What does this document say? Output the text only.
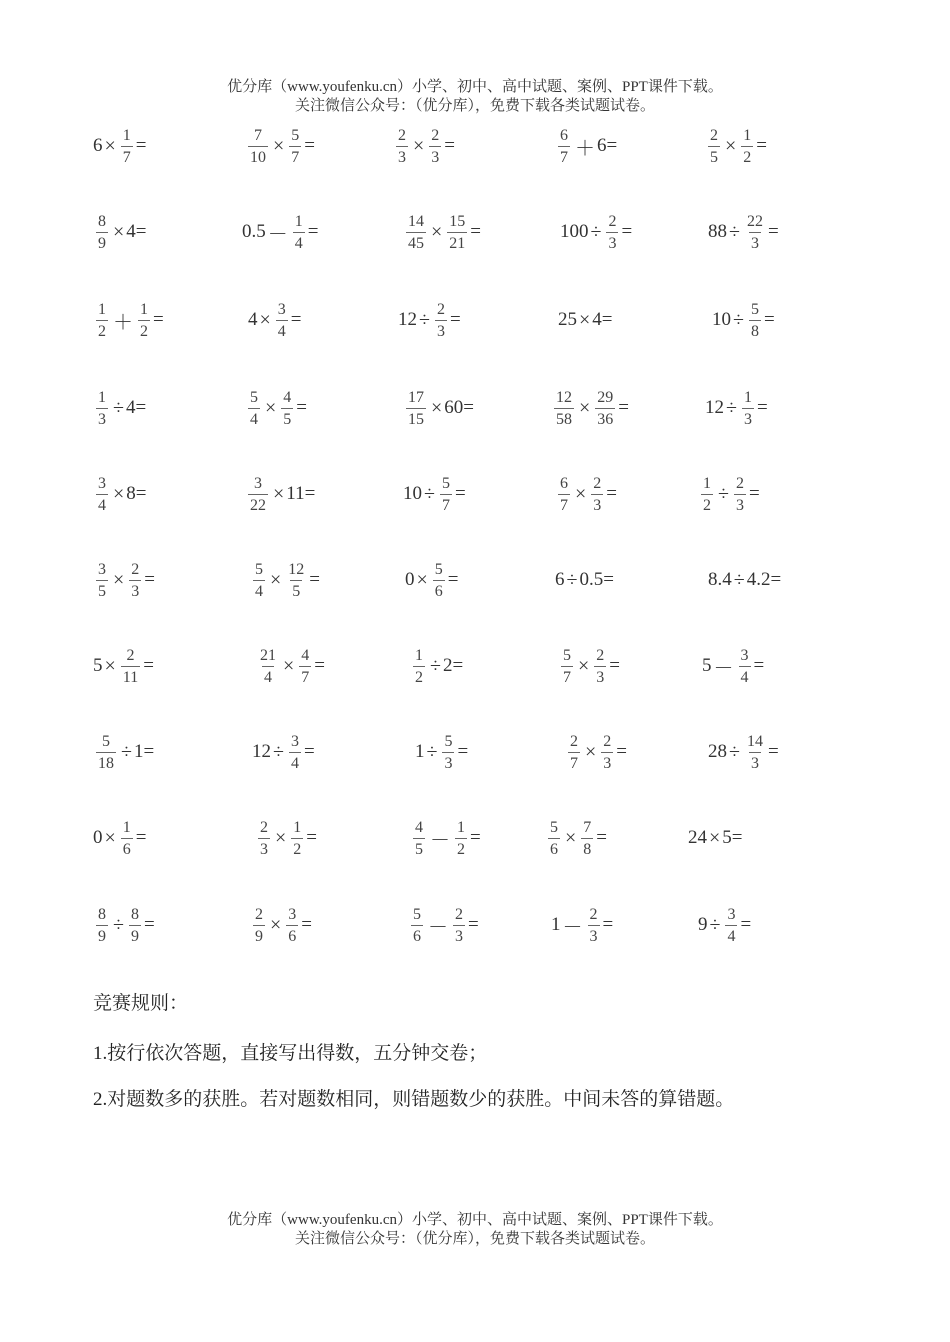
优分库（www.youfenku.cn）小学、初中、高中试题、案例、PPT课件下载。
关注微信公众号：（优分库），免费下载各类试题试卷。
$6 \times \frac{1}{7}$ =	$\frac{7}{10} \times \frac{5}{7}$ =	$\frac{2}{3} \times \frac{2}{3}$ =	$\frac{6}{7} + 6=$	$\frac{2}{5} \times \frac{1}{2}$ =
$\frac{8}{9} \times 4=$	$0.5 - \frac{1}{4}$ =	$\frac{14}{45} \times \frac{15}{21}$ =	$100 \div \frac{2}{3}$ =	$88 \div \frac{22}{3}$ =
$\frac{1}{2} + \frac{1}{2}$ =	$4 \times \frac{3}{4}$ =	$12 \div \frac{2}{3}$ =	25 × 4=	$10 \div \frac{5}{8}$ =
$\frac{1}{3} \div 4=$	$\frac{5}{4} \times \frac{4}{5}$ =	$\frac{17}{15} \times 60=$	$\frac{12}{58} \times \frac{29}{36}$ =	$12 \div \frac{1}{3}$ =
$\frac{3}{4} \times 8=$	$\frac{3}{22} \times 11=$	$10 \div \frac{5}{7}$ =	$\frac{6}{7} \times \frac{2}{3}$ =	$\frac{1}{2} \div \frac{2}{3}$ =
$\frac{3}{5} \times \frac{2}{3}$ =	$\frac{5}{4} \times \frac{12}{5}$ =	$0 \times \frac{5}{6}$ =	6 ÷ 0.5=	8.4 ÷ 4.2=
$5 \times \frac{2}{11}$ =	$\frac{21}{4} \times \frac{4}{7}$ =	$\frac{1}{2} \div 2=$	$\frac{5}{7} \times \frac{2}{3}$ =	$5 - \frac{3}{4}$ =
$\frac{5}{18} \div 1=$	$12 \div \frac{3}{4}$ =	$1 \div \frac{5}{3}$ =	$\frac{2}{7} \times \frac{2}{3}$ =	$28 \div \frac{14}{3}$ =
$0 \times \frac{1}{6}$ =	$\frac{2}{3} \times \frac{1}{2}$ =	$\frac{4}{5} - \frac{1}{2}$ =	$\frac{5}{6} \times \frac{7}{8}$ =	24 × 5=
$\frac{8}{9} \div \frac{8}{9}$ =	$\frac{2}{9} \times \frac{3}{6}$ =	$\frac{5}{6} - \frac{2}{3}$ =	$1 - \frac{2}{3}$ =	$9 \div \frac{3}{4}$ =
竞赛规则：
1.按行依次答题，直接写出得数，五分钟交卷；
2.对题数多的获胜。若对题数相同，则错题数少的获胜。中间未答的算错题。
优分库（www.youfenku.cn）小学、初中、高中试题、案例、PPT课件下载。
关注微信公众号：（优分库），免费下载各类试题试卷。
